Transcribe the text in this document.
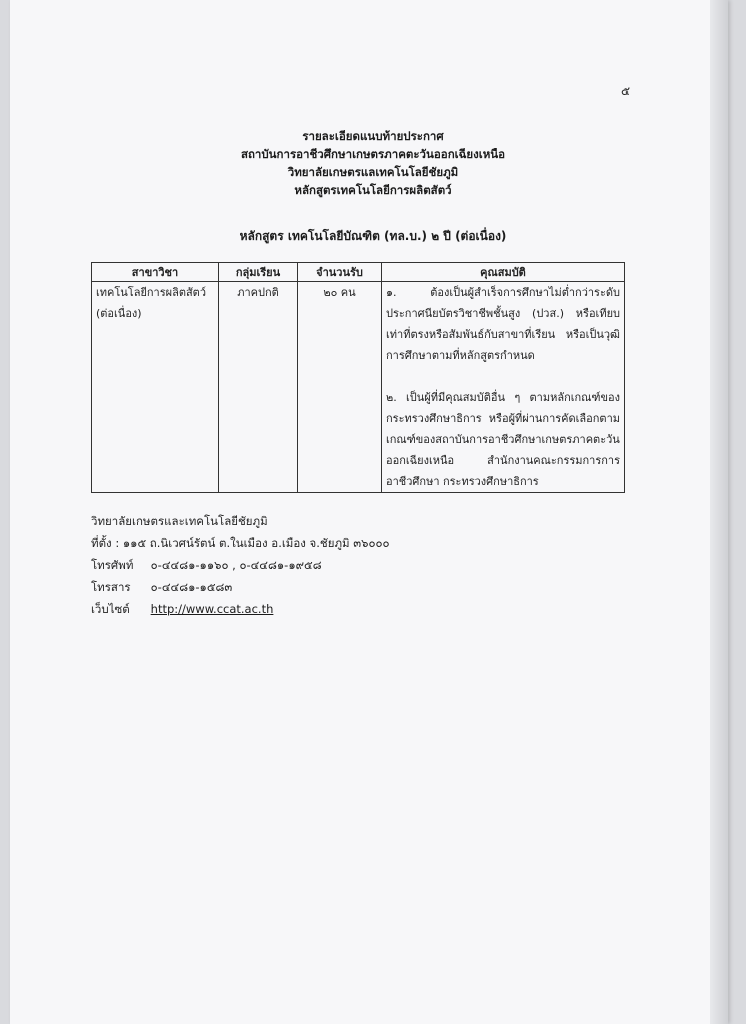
๕
รายละเอียดแนบท้ายประกาศ
สถาบันการอาชีวศึกษาเกษตรภาคตะวันออกเฉียงเหนือ
วิทยาลัยเกษตรแลเทคโนโลยีชัยภูมิ
หลักสูตรเทคโนโลยีการผลิตสัตว์
หลักสูตร เทคโนโลยีบัณฑิต (ทล.บ.) ๒ ปี (ต่อเนื่อง)
สาขาวิชา	กลุ่มเรียน	จำนวนรับ	คุณสมบัติ
เทคโนโลยีการผลิตสัตว์ (ต่อเนื่อง)	ภาคปกติ	๒๐ คน	๑. ต้องเป็นผู้สำเร็จการศึกษาไม่ต่ำกว่าระดับประกาศนียบัตรวิชาชีพชั้นสูง (ปวส.) หรือเทียบเท่าที่ตรงหรือสัมพันธ์กับสาขาที่เรียน หรือเป็นวุฒิการศึกษาตามที่หลักสูตรกำหนด

๒. เป็นผู้ที่มีคุณสมบัติอื่น ๆ ตามหลักเกณฑ์ของกระทรวงศึกษาธิการ หรือผู้ที่ผ่านการคัดเลือกตามเกณฑ์ของสถาบันการอาชีวศึกษาเกษตรภาคตะวันออกเฉียงเหนือ สำนักงานคณะกรรมการการอาชีวศึกษา กระทรวงศึกษาธิการ

วิทยาลัยเกษตรและเทคโนโลยีชัยภูมิ
ที่ตั้ง : ๑๑๕ ถ.นิเวศน์รัตน์ ต.ในเมือง อ.เมือง จ.ชัยภูมิ ๓๖๐๐๐
โทรศัพท์ ๐-๔๔๘๑-๑๑๖๐ , ๐-๔๔๘๑-๑๙๕๘
โทรสาร ๐-๔๔๘๑-๑๕๘๓
เว็บไซต์ http://www.ccat.ac.th
